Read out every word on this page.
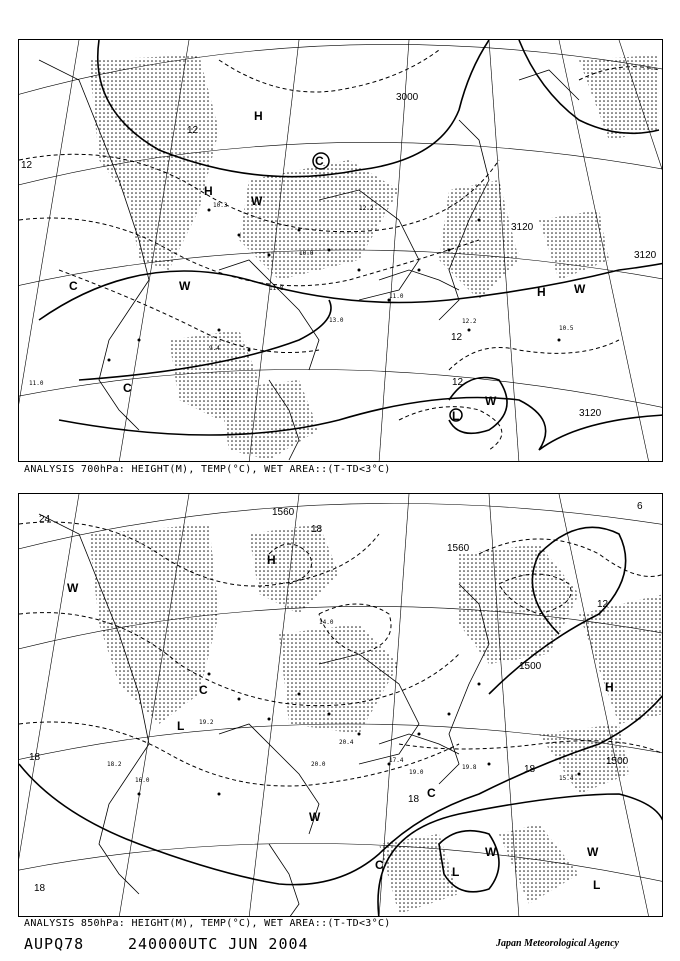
3000
3120
3120
3120
12
12
12
12
H
H
H
W
W	W
W
L
C
C
C
10.3
12.2
11.0
10.5
13.0
11.8
9.4
11.0
10.0
12.2
ANALYSIS 700hPa: HEIGHT(M), TEMP(°C), WET AREA::(T-TD<3°C)
1560
1560
1500
1500
18
18
18
18
12
24
18
6
H
W
W
W	W
L
L
L
C
C
C
H
19.2
16.0
19.8
20.0
17.4
15.4
18.2
20.4
19.0
14.0
ANALYSIS 850hPa: HEIGHT(M), TEMP(°C), WET AREA::(T-TD<3°C)
AUPQ78	240000UTC JUN 2004	Japan Meteorological Agency
